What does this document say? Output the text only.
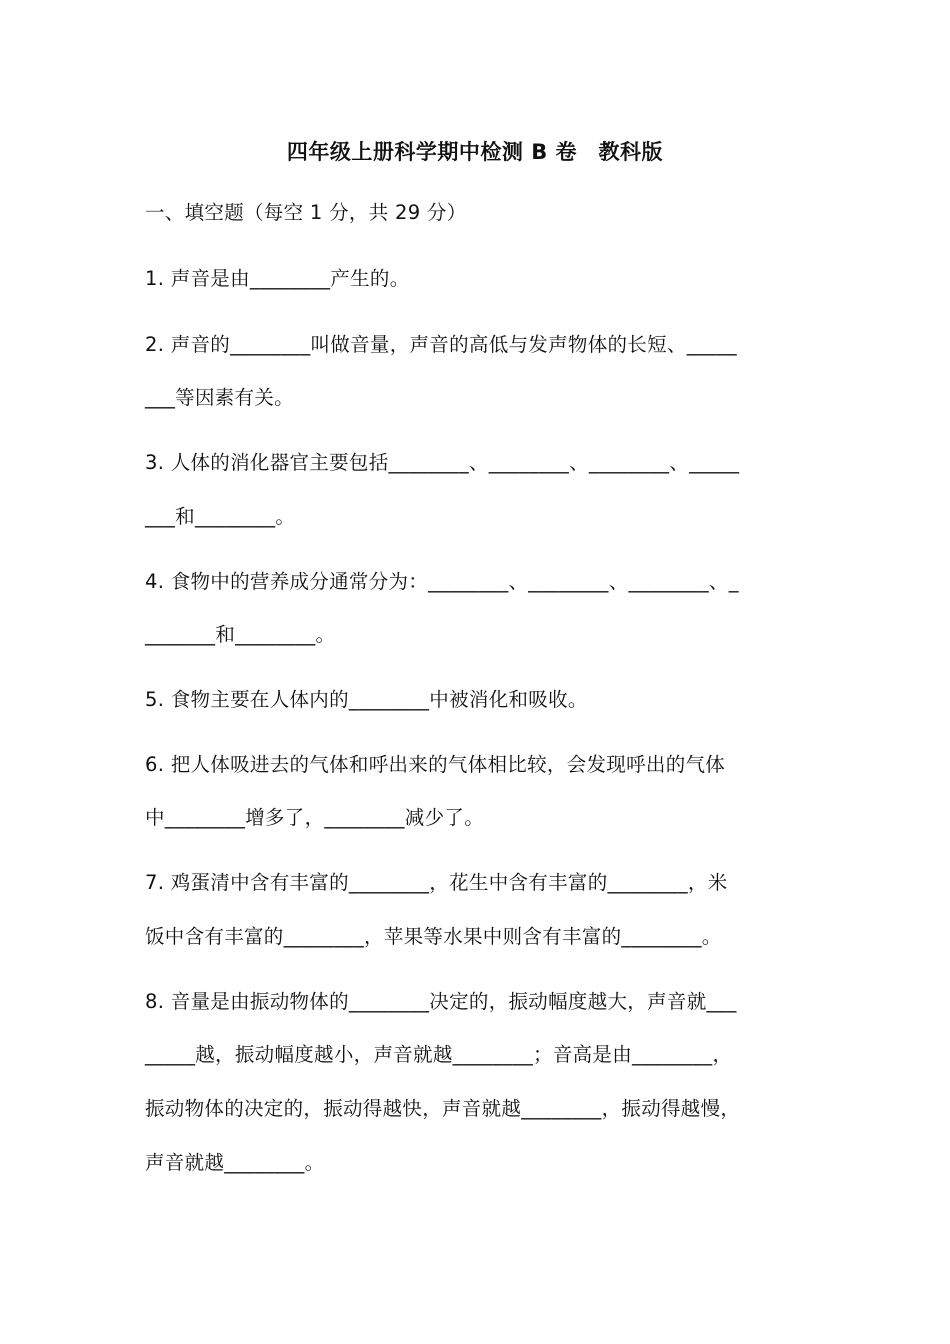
四年级上册科学期中检测 B 卷　教科版
一、填空题（每空 1 分，共 29 分）
1. 声音是由________产生的。
2. 声音的________叫做音量，声音的高低与发声物体的长短、_____
___等因素有关。
3. 人体的消化器官主要包括________、________、________、_____
___和________。
4. 食物中的营养成分通常分为：________、________、________、_
_______和________。
5. 食物主要在人体内的________中被消化和吸收。
6. 把人体吸进去的气体和呼出来的气体相比较，会发现呼出的气体
中________增多了，________减少了。
7. 鸡蛋清中含有丰富的________，花生中含有丰富的________，米
饭中含有丰富的________，苹果等水果中则含有丰富的________。
8. 音量是由振动物体的________决定的，振动幅度越大，声音就___
_____越，振动幅度越小，声音就越________；音高是由________，
振动物体的决定的，振动得越快，声音就越________，振动得越慢，
声音就越________。
